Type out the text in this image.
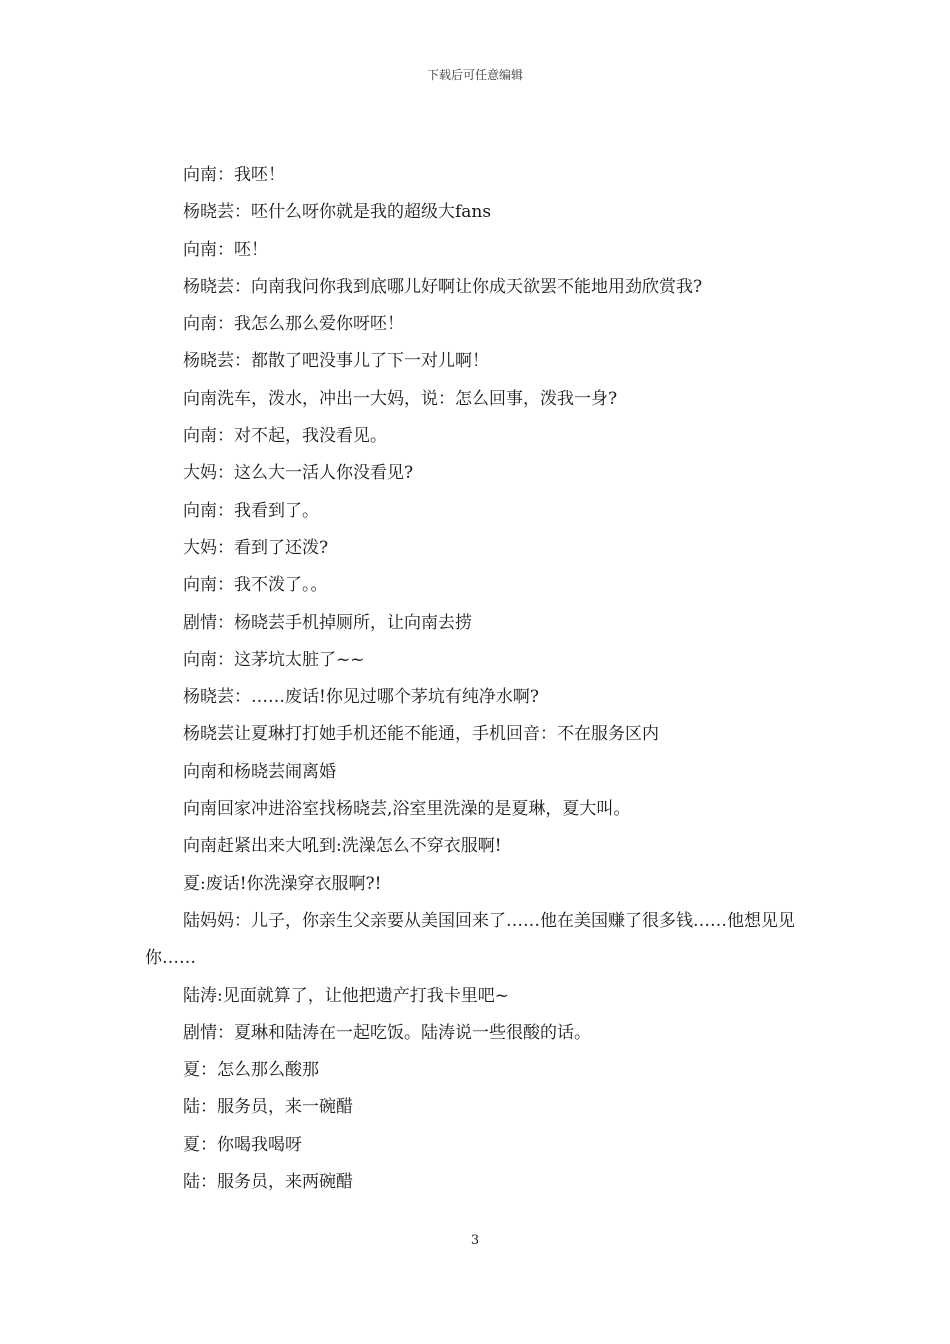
下载后可任意编辑

向南：我呸！

杨晓芸：呸什么呀你就是我的超级大fans

向南：呸！

杨晓芸：向南我问你我到底哪儿好啊让你成天欲罢不能地用劲欣赏我?

向南：我怎么那么爱你呀呸！

杨晓芸：都散了吧没事儿了下一对儿啊！

向南洗车，泼水，冲出一大妈，说：怎么回事，泼我一身?

向南：对不起，我没看见。

大妈：这么大一活人你没看见?

向南：我看到了。

大妈：看到了还泼?

向南：我不泼了。。

剧情：杨晓芸手机掉厕所，让向南去捞

向南：这茅坑太脏了~~

杨晓芸：……废话!你见过哪个茅坑有纯净水啊?

杨晓芸让夏琳打打她手机还能不能通，手机回音：不在服务区内

向南和杨晓芸闹离婚

向南回家冲进浴室找杨晓芸,浴室里洗澡的是夏琳，夏大叫。

向南赶紧出来大吼到:洗澡怎么不穿衣服啊!

夏:废话!你洗澡穿衣服啊?!

陆妈妈：儿子，你亲生父亲要从美国回来了……他在美国赚了很多钱……他想见见你……

陆涛:见面就算了，让他把遗产打我卡里吧~

剧情：夏琳和陆涛在一起吃饭。陆涛说一些很酸的话。

夏：怎么那么酸那

陆：服务员，来一碗醋

夏：你喝我喝呀

陆：服务员，来两碗醋

3
